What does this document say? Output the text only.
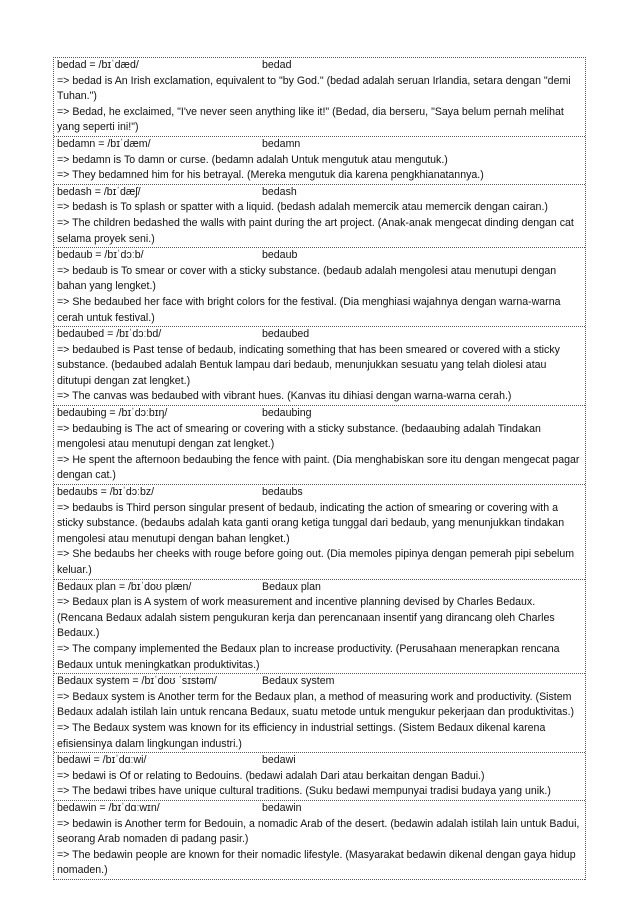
bedad = /bɪˈdæd/	bedad

=> bedad is An Irish exclamation, equivalent to "by God." (bedad adalah seruan Irlandia, setara dengan "demi Tuhan.")

=> Bedad, he exclaimed, "I've never seen anything like it!" (Bedad, dia berseru, "Saya belum pernah melihat yang seperti ini!")

bedamn = /bɪˈdæm/	bedamn

=> bedamn is To damn or curse. (bedamn adalah Untuk mengutuk atau mengutuk.)

=> They bedamned him for his betrayal. (Mereka mengutuk dia karena pengkhianatannya.)

bedash = /bɪˈdæʃ/	bedash

=> bedash is To splash or spatter with a liquid. (bedash adalah memercik atau memercik dengan cairan.)

=> The children bedashed the walls with paint during the art project. (Anak-anak mengecat dinding dengan cat selama proyek seni.)

bedaub = /bɪˈdɔːb/	bedaub

=> bedaub is To smear or cover with a sticky substance. (bedaub adalah mengolesi atau menutupi dengan bahan yang lengket.)

=> She bedaubed her face with bright colors for the festival. (Dia menghiasi wajahnya dengan warna-warna cerah untuk festival.)

bedaubed = /bɪˈdɔːbd/	bedaubed

=> bedaubed is Past tense of bedaub, indicating something that has been smeared or covered with a sticky substance. (bedaubed adalah Bentuk lampau dari bedaub, menunjukkan sesuatu yang telah diolesi atau ditutupi dengan zat lengket.)

=> The canvas was bedaubed with vibrant hues. (Kanvas itu dihiasi dengan warna-warna cerah.)

bedaubing = /bɪˈdɔːbɪŋ/	bedaubing

=> bedaubing is The act of smearing or covering with a sticky substance. (bedaaubing adalah Tindakan mengolesi atau menutupi dengan zat lengket.)

=> He spent the afternoon bedaubing the fence with paint. (Dia menghabiskan sore itu dengan mengecat pagar dengan cat.)

bedaubs = /bɪˈdɔːbz/	bedaubs

=> bedaubs is Third person singular present of bedaub, indicating the action of smearing or covering with a sticky substance. (bedaubs adalah kata ganti orang ketiga tunggal dari bedaub, yang menunjukkan tindakan mengolesi atau menutupi dengan bahan lengket.)

=> She bedaubs her cheeks with rouge before going out. (Dia memoles pipinya dengan pemerah pipi sebelum keluar.)

Bedaux plan = /bɪˈdoʊ plæn/	Bedaux plan

=> Bedaux plan is A system of work measurement and incentive planning devised by Charles Bedaux. (Rencana Bedaux adalah sistem pengukuran kerja dan perencanaan insentif yang dirancang oleh Charles Bedaux.)

=> The company implemented the Bedaux plan to increase productivity. (Perusahaan menerapkan rencana Bedaux untuk meningkatkan produktivitas.)

Bedaux system = /bɪˈdoʊ ˈsɪstəm/	Bedaux system

=> Bedaux system is Another term for the Bedaux plan, a method of measuring work and productivity. (Sistem Bedaux adalah istilah lain untuk rencana Bedaux, suatu metode untuk mengukur pekerjaan dan produktivitas.)

=> The Bedaux system was known for its efficiency in industrial settings. (Sistem Bedaux dikenal karena efisiensinya dalam lingkungan industri.)

bedawi = /bɪˈdɑːwi/	bedawi

=> bedawi is Of or relating to Bedouins. (bedawi adalah Dari atau berkaitan dengan Badui.)

=> The bedawi tribes have unique cultural traditions. (Suku bedawi mempunyai tradisi budaya yang unik.)

bedawin = /bɪˈdɑːwɪn/	bedawin

=> bedawin is Another term for Bedouin, a nomadic Arab of the desert. (bedawin adalah istilah lain untuk Badui, seorang Arab nomaden di padang pasir.)

=> The bedawin people are known for their nomadic lifestyle. (Masyarakat bedawin dikenal dengan gaya hidup nomaden.)
